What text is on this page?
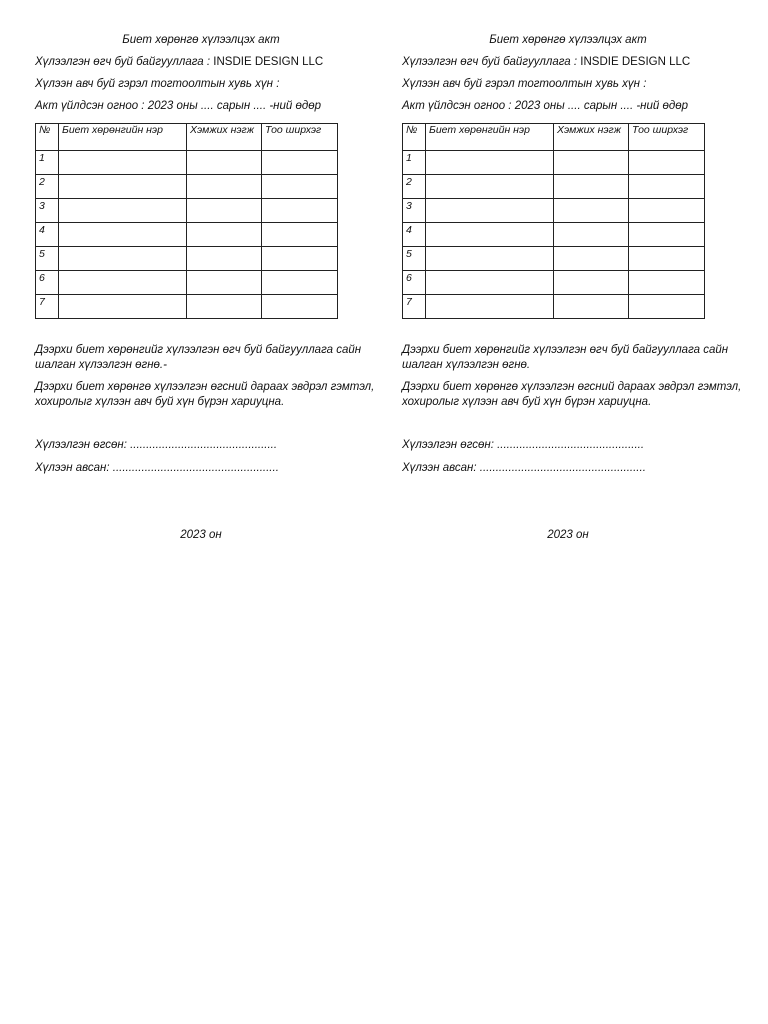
Биет хөрөнгө хүлээлцэх акт
Хүлээлгэн өгч буй байгууллага : INSDIE DESIGN LLC
Хүлээн авч буй гэрэл тогтоолтын хувь хүн :
Акт үйлдсэн огноо : 2023 оны .... сарын .... -ний өдөр
№	Биет хөрөнгийн нэр	Хэмжих нэгж	Тоо ширхэг
1			
2			
3			
4			
5			
6			
7			
Дээрхи биет хөрөнгийг хүлээлгэн өгч буй байгууллага сайн шалган хүлээлгэн өгнө.-
Дээрхи биет хөрөнгө хүлээлгэн өгсний дараах эвдрэл гэмтэл, хохиролыг хүлээн авч буй хүн бүрэн хариуцна.
Хүлээлгэн өгсөн: ..............................................
Хүлээн авсан: ....................................................
2023 он
Биет хөрөнгө хүлээлцэх акт
Хүлээлгэн өгч буй байгууллага : INSDIE DESIGN LLC
Хүлээн авч буй гэрэл тогтоолтын хувь хүн :
Акт үйлдсэн огноо : 2023 оны .... сарын .... -ний өдөр
№	Биет хөрөнгийн нэр	Хэмжих нэгж	Тоо ширхэг
1			
2			
3			
4			
5			
6			
7			
Дээрхи биет хөрөнгийг хүлээлгэн өгч буй байгууллага сайн шалган хүлээлгэн өгнө.
Дээрхи биет хөрөнгө хүлээлгэн өгсний дараах эвдрэл гэмтэл, хохиролыг хүлээн авч буй хүн бүрэн хариуцна.
Хүлээлгэн өгсөн: ..............................................
Хүлээн авсан: ....................................................
2023 он
